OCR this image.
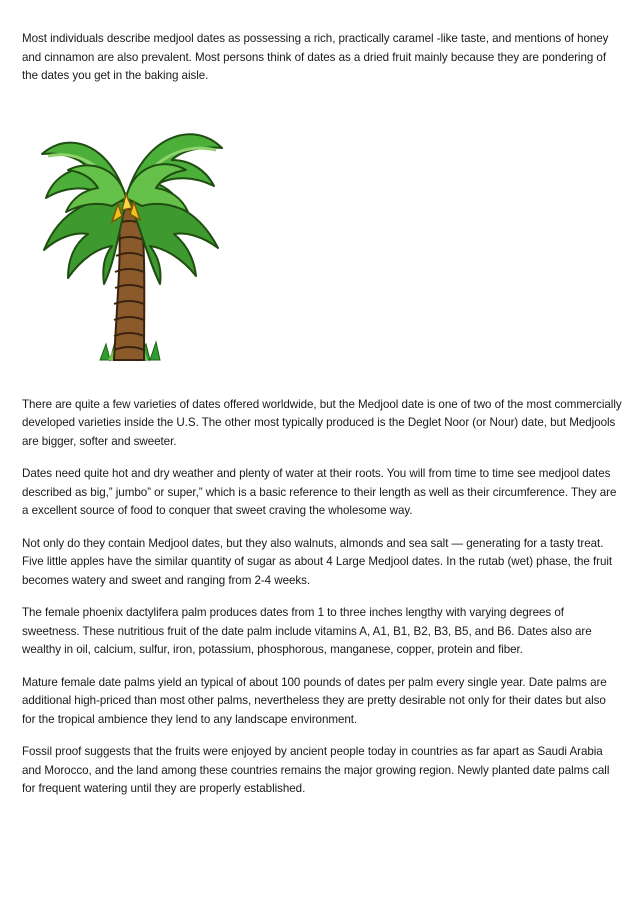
Most individuals describe medjool dates as possessing a rich, practically caramel -like taste, and mentions of honey and cinnamon are also prevalent. Most persons think of dates as a dried fruit mainly because they are pondering of the dates you get in the baking aisle.

There are quite a few varieties of dates offered worldwide, but the Medjool date is one of two of the most commercially developed varieties inside the U.S. The other most typically produced is the Deglet Noor (or Nour) date, but Medjools are bigger, softer and sweeter.

Dates need quite hot and dry weather and plenty of water at their roots. You will from time to time see medjool dates described as big,” jumbo” or super,” which is a basic reference to their length as well as their circumference. They are a excellent source of food to conquer that sweet craving the wholesome way.

Not only do they contain Medjool dates, but they also walnuts, almonds and sea salt — generating for a tasty treat. Five little apples have the similar quantity of sugar as about 4 Large Medjool dates. In the rutab (wet) phase, the fruit becomes watery and sweet and ranging from 2-4 weeks.

The female phoenix dactylifera palm produces dates from 1 to three inches lengthy with varying degrees of sweetness. These nutritious fruit of the date palm include vitamins A, A1, B1, B2, B3, B5, and B6. Dates also are wealthy in oil, calcium, sulfur, iron, potassium, phosphorous, manganese, copper, protein and fiber.

Mature female date palms yield an typical of about 100 pounds of dates per palm every single year. Date palms are additional high-priced than most other palms, nevertheless they are pretty desirable not only for their dates but also for the tropical ambience they lend to any landscape environment.

Fossil proof suggests that the fruits were enjoyed by ancient people today in countries as far apart as Saudi Arabia and Morocco, and the land among these countries remains the major growing region. Newly planted date palms call for frequent watering until they are properly established.
